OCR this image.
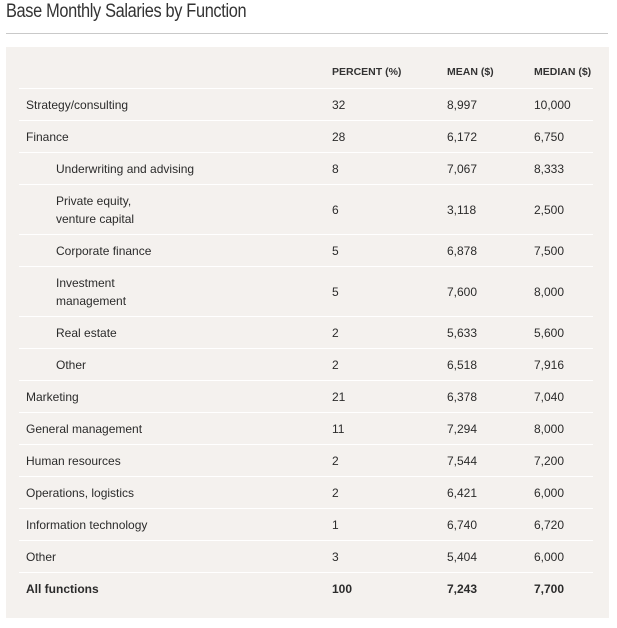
Base Monthly Salaries by Function
	PERCENT (%)	MEAN ($)	MEDIAN ($)
Strategy/consulting	32	8,997	10,000
Finance	28	6,172	6,750
Underwriting and advising	8	7,067	8,333
Private equity,
venture capital	6	3,118	2,500
Corporate finance	5	6,878	7,500
Investment
management	5	7,600	8,000
Real estate	2	5,633	5,600
Other	2	6,518	7,916
Marketing	21	6,378	7,040
General management	11	7,294	8,000
Human resources	2	7,544	7,200
Operations, logistics	2	6,421	6,000
Information technology	1	6,740	6,720
Other	3	5,404	6,000
All functions	100	7,243	7,700
